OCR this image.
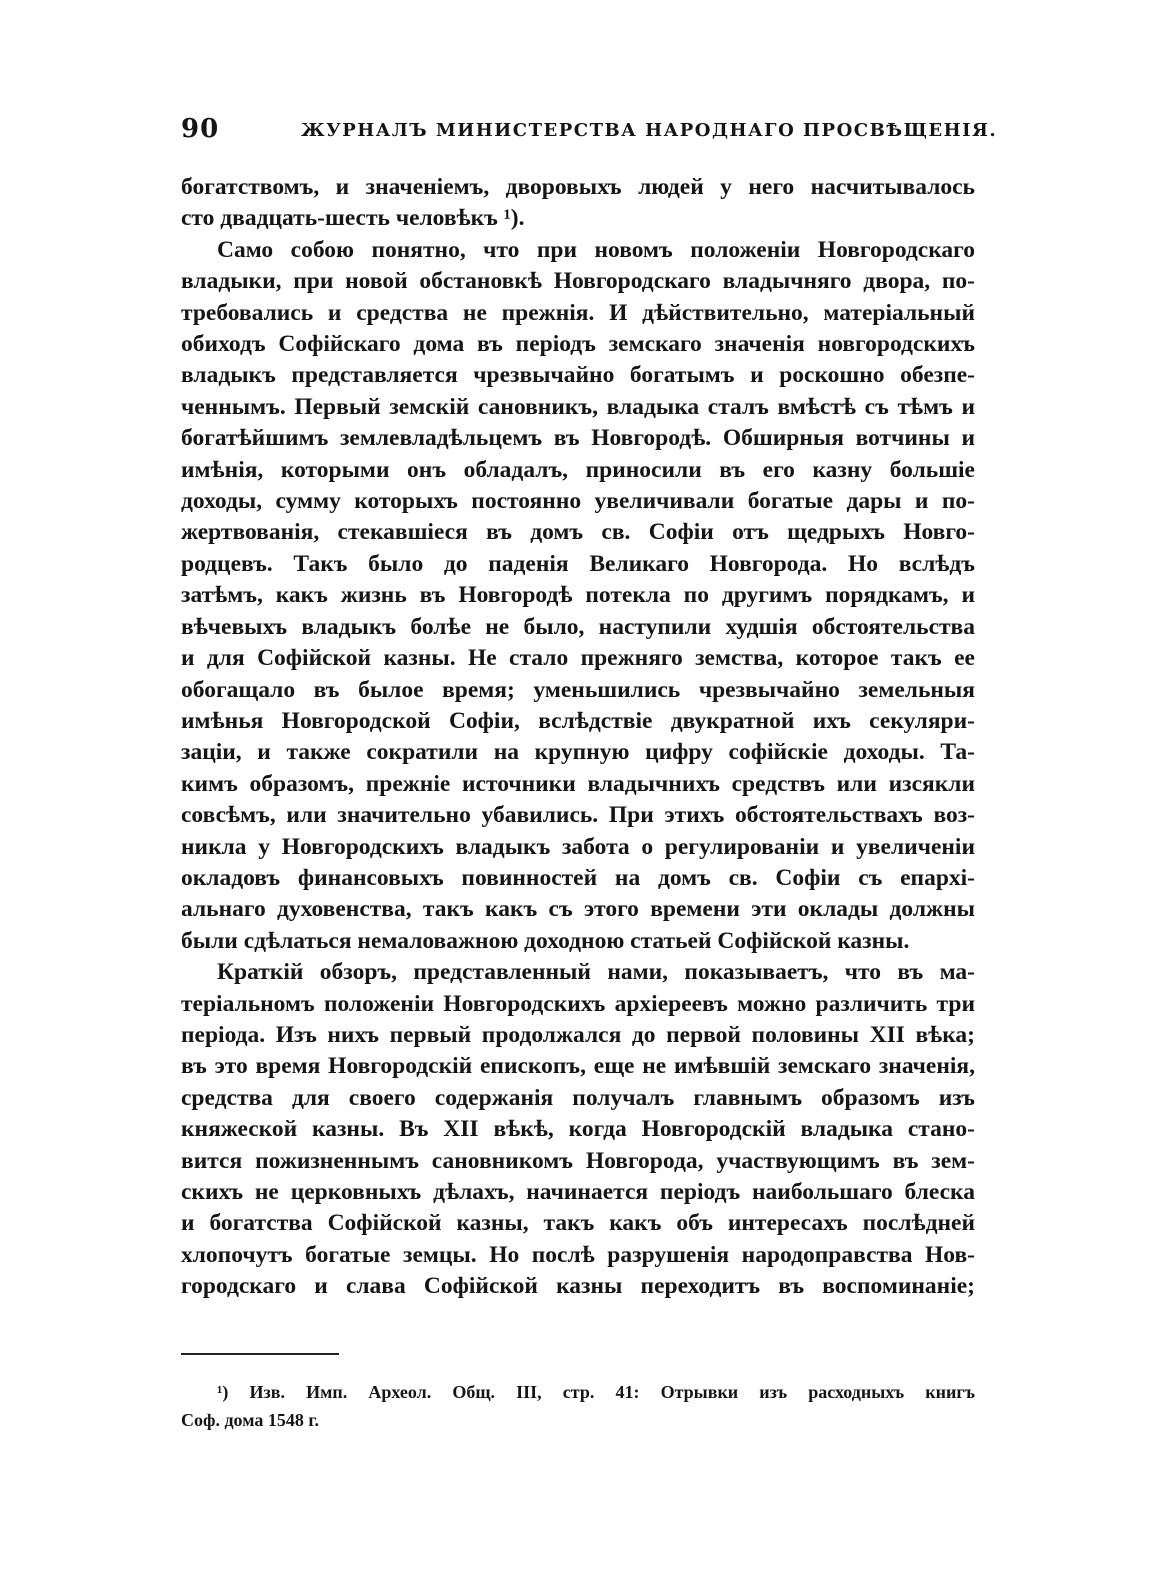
90	ЖУРНАЛЪ МИНИСТЕРСТВА НАРОДНАГО ПРОСВѢЩЕНІЯ.
богатствомъ, и значеніемъ, дворовыхъ людей у него насчитывалось
сто двадцать-шесть человѣкъ ¹).
Само собою понятно, что при новомъ положеніи Новгородскаго
владыки, при новой обстановкѣ Новгородскаго владычняго двора, по-
требовались и средства не прежнія. И дѣйствительно, матеріальный
обиходъ Софійскаго дома въ періодъ земскаго значенія новгородскихъ
владыкъ представляется чрезвычайно богатымъ и роскошно обезпе-
ченнымъ. Первый земскій сановникъ, владыка сталъ вмѣстѣ съ тѣмъ и
богатѣйшимъ землевладѣльцемъ въ Новгородѣ. Обширныя вотчины и
имѣнія, которыми онъ обладалъ, приносили въ его казну большіе
доходы, сумму которыхъ постоянно увеличивали богатые дары и по-
жертвованія, стекавшіеся въ домъ св. Софіи отъ щедрыхъ Новго-
родцевъ. Такъ было до паденія Великаго Новгорода. Но вслѣдъ
затѣмъ, какъ жизнь въ Новгородѣ потекла по другимъ порядкамъ, и
вѣчевыхъ владыкъ болѣе не было, наступили худшія обстоятельства
и для Софійской казны. Не стало прежняго земства, которое такъ ее
обогащало въ былое время; уменьшились чрезвычайно земельныя
имѣнья Новгородской Софіи, вслѣдствіе двукратной ихъ секуляри-
заціи, и также сократили на крупную цифру софійскіе доходы. Та-
кимъ образомъ, прежніе источники владычнихъ средствъ или изсякли
совсѣмъ, или значительно убавились. При этихъ обстоятельствахъ воз-
никла у Новгородскихъ владыкъ забота о регулированіи и увеличеніи
окладовъ финансовыхъ повинностей на домъ св. Софіи съ епархі-
альнаго духовенства, такъ какъ съ этого времени эти оклады должны
были сдѣлаться немаловажною доходною статьей Софійской казны.
Краткій обзоръ, представленный нами, показываетъ, что въ ма-
теріальномъ положеніи Новгородскихъ архіереевъ можно различить три
періода. Изъ нихъ первый продолжался до первой половины XII вѣка;
въ это время Новгородскій епископъ, еще не имѣвшій земскаго значенія,
средства для своего содержанія получалъ главнымъ образомъ изъ
княжеской казны. Въ XII вѣкѣ, когда Новгородскій владыка стано-
вится пожизненнымъ сановникомъ Новгорода, участвующимъ въ зем-
скихъ не церковныхъ дѣлахъ, начинается періодъ наибольшаго блеска
и богатства Софійской казны, такъ какъ объ интересахъ послѣдней
хлопочутъ богатые земцы. Но послѣ разрушенія народоправства Нов-
городскаго и слава Софійской казны переходитъ въ воспоминаніе;
¹) Изв. Имп. Археол. Общ. III, стр. 41: Отрывки изъ расходныхъ книгъ
Соф. дома 1548 г.
